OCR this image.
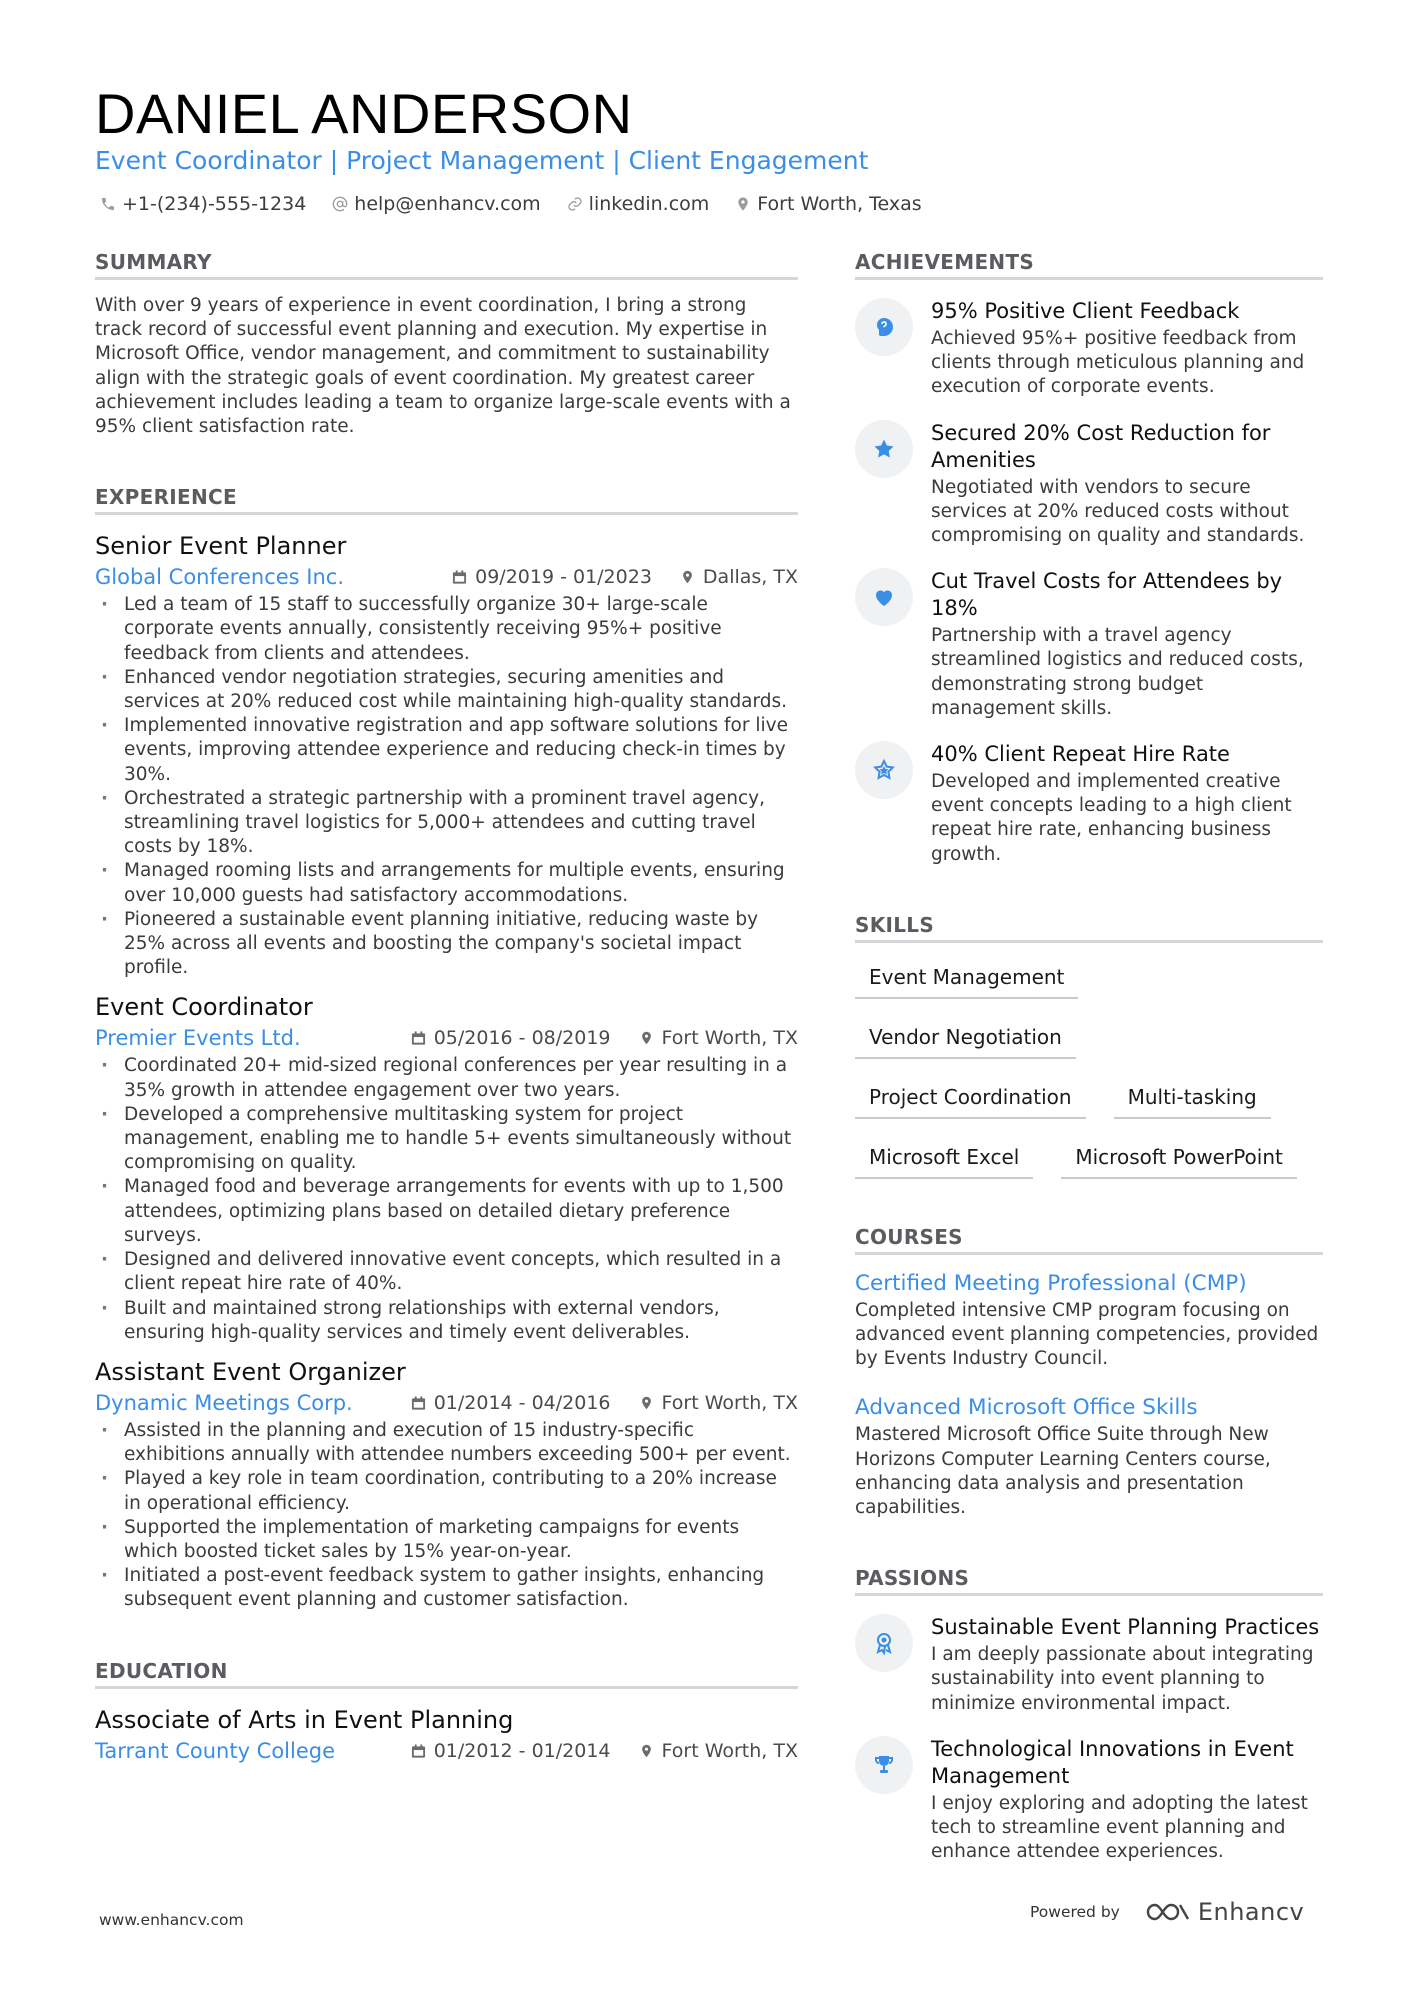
DANIEL ANDERSON
Event Coordinator | Project Management | Client Engagement
+1-(234)-555-1234	help@enhancv.com	linkedin.com	Fort Worth, Texas
SUMMARY
With over 9 years of experience in event coordination, I bring a strong track record of successful event planning and execution. My expertise in Microsoft Office, vendor management, and commitment to sustainability align with the strategic goals of event coordination. My greatest career achievement includes leading a team to organize large-scale events with a 95% client satisfaction rate.
EXPERIENCE
Senior Event Planner
Global Conferences Inc.	09/2019 - 01/2023	Dallas, TX
· Led a team of 15 staff to successfully organize 30+ large-scale corporate events annually, consistently receiving 95%+ positive feedback from clients and attendees.
· Enhanced vendor negotiation strategies, securing amenities and services at 20% reduced cost while maintaining high-quality standards.
· Implemented innovative registration and app software solutions for live events, improving attendee experience and reducing check-in times by 30%.
· Orchestrated a strategic partnership with a prominent travel agency, streamlining travel logistics for 5,000+ attendees and cutting travel costs by 18%.
· Managed rooming lists and arrangements for multiple events, ensuring over 10,000 guests had satisfactory accommodations.
· Pioneered a sustainable event planning initiative, reducing waste by 25% across all events and boosting the company's societal impact profile.
Event Coordinator
Premier Events Ltd.	05/2016 - 08/2019	Fort Worth, TX
· Coordinated 20+ mid-sized regional conferences per year resulting in a 35% growth in attendee engagement over two years.
· Developed a comprehensive multitasking system for project management, enabling me to handle 5+ events simultaneously without compromising on quality.
· Managed food and beverage arrangements for events with up to 1,500 attendees, optimizing plans based on detailed dietary preference surveys.
· Designed and delivered innovative event concepts, which resulted in a client repeat hire rate of 40%.
· Built and maintained strong relationships with external vendors, ensuring high-quality services and timely event deliverables.
Assistant Event Organizer
Dynamic Meetings Corp.	01/2014 - 04/2016	Fort Worth, TX
· Assisted in the planning and execution of 15 industry-specific exhibitions annually with attendee numbers exceeding 500+ per event.
· Played a key role in team coordination, contributing to a 20% increase in operational efficiency.
· Supported the implementation of marketing campaigns for events which boosted ticket sales by 15% year-on-year.
· Initiated a post-event feedback system to gather insights, enhancing subsequent event planning and customer satisfaction.
EDUCATION
Associate of Arts in Event Planning
Tarrant County College	01/2012 - 01/2014	Fort Worth, TX
ACHIEVEMENTS
95% Positive Client Feedback
Achieved 95%+ positive feedback from clients through meticulous planning and execution of corporate events.
Secured 20% Cost Reduction for Amenities
Negotiated with vendors to secure services at 20% reduced costs without compromising on quality and standards.
Cut Travel Costs for Attendees by 18%
Partnership with a travel agency streamlined logistics and reduced costs, demonstrating strong budget management skills.
40% Client Repeat Hire Rate
Developed and implemented creative event concepts leading to a high client repeat hire rate, enhancing business growth.
SKILLS
Event Management
Vendor Negotiation
Project Coordination	Multi-tasking
Microsoft Excel	Microsoft PowerPoint
COURSES
Certified Meeting Professional (CMP)
Completed intensive CMP program focusing on advanced event planning competencies, provided by Events Industry Council.
Advanced Microsoft Office Skills
Mastered Microsoft Office Suite through New Horizons Computer Learning Centers course, enhancing data analysis and presentation capabilities.
PASSIONS
Sustainable Event Planning Practices
I am deeply passionate about integrating sustainability into event planning to minimize environmental impact.
Technological Innovations in Event Management
I enjoy exploring and adopting the latest tech to streamline event planning and enhance attendee experiences.
www.enhancv.com	Powered by	Enhancv
